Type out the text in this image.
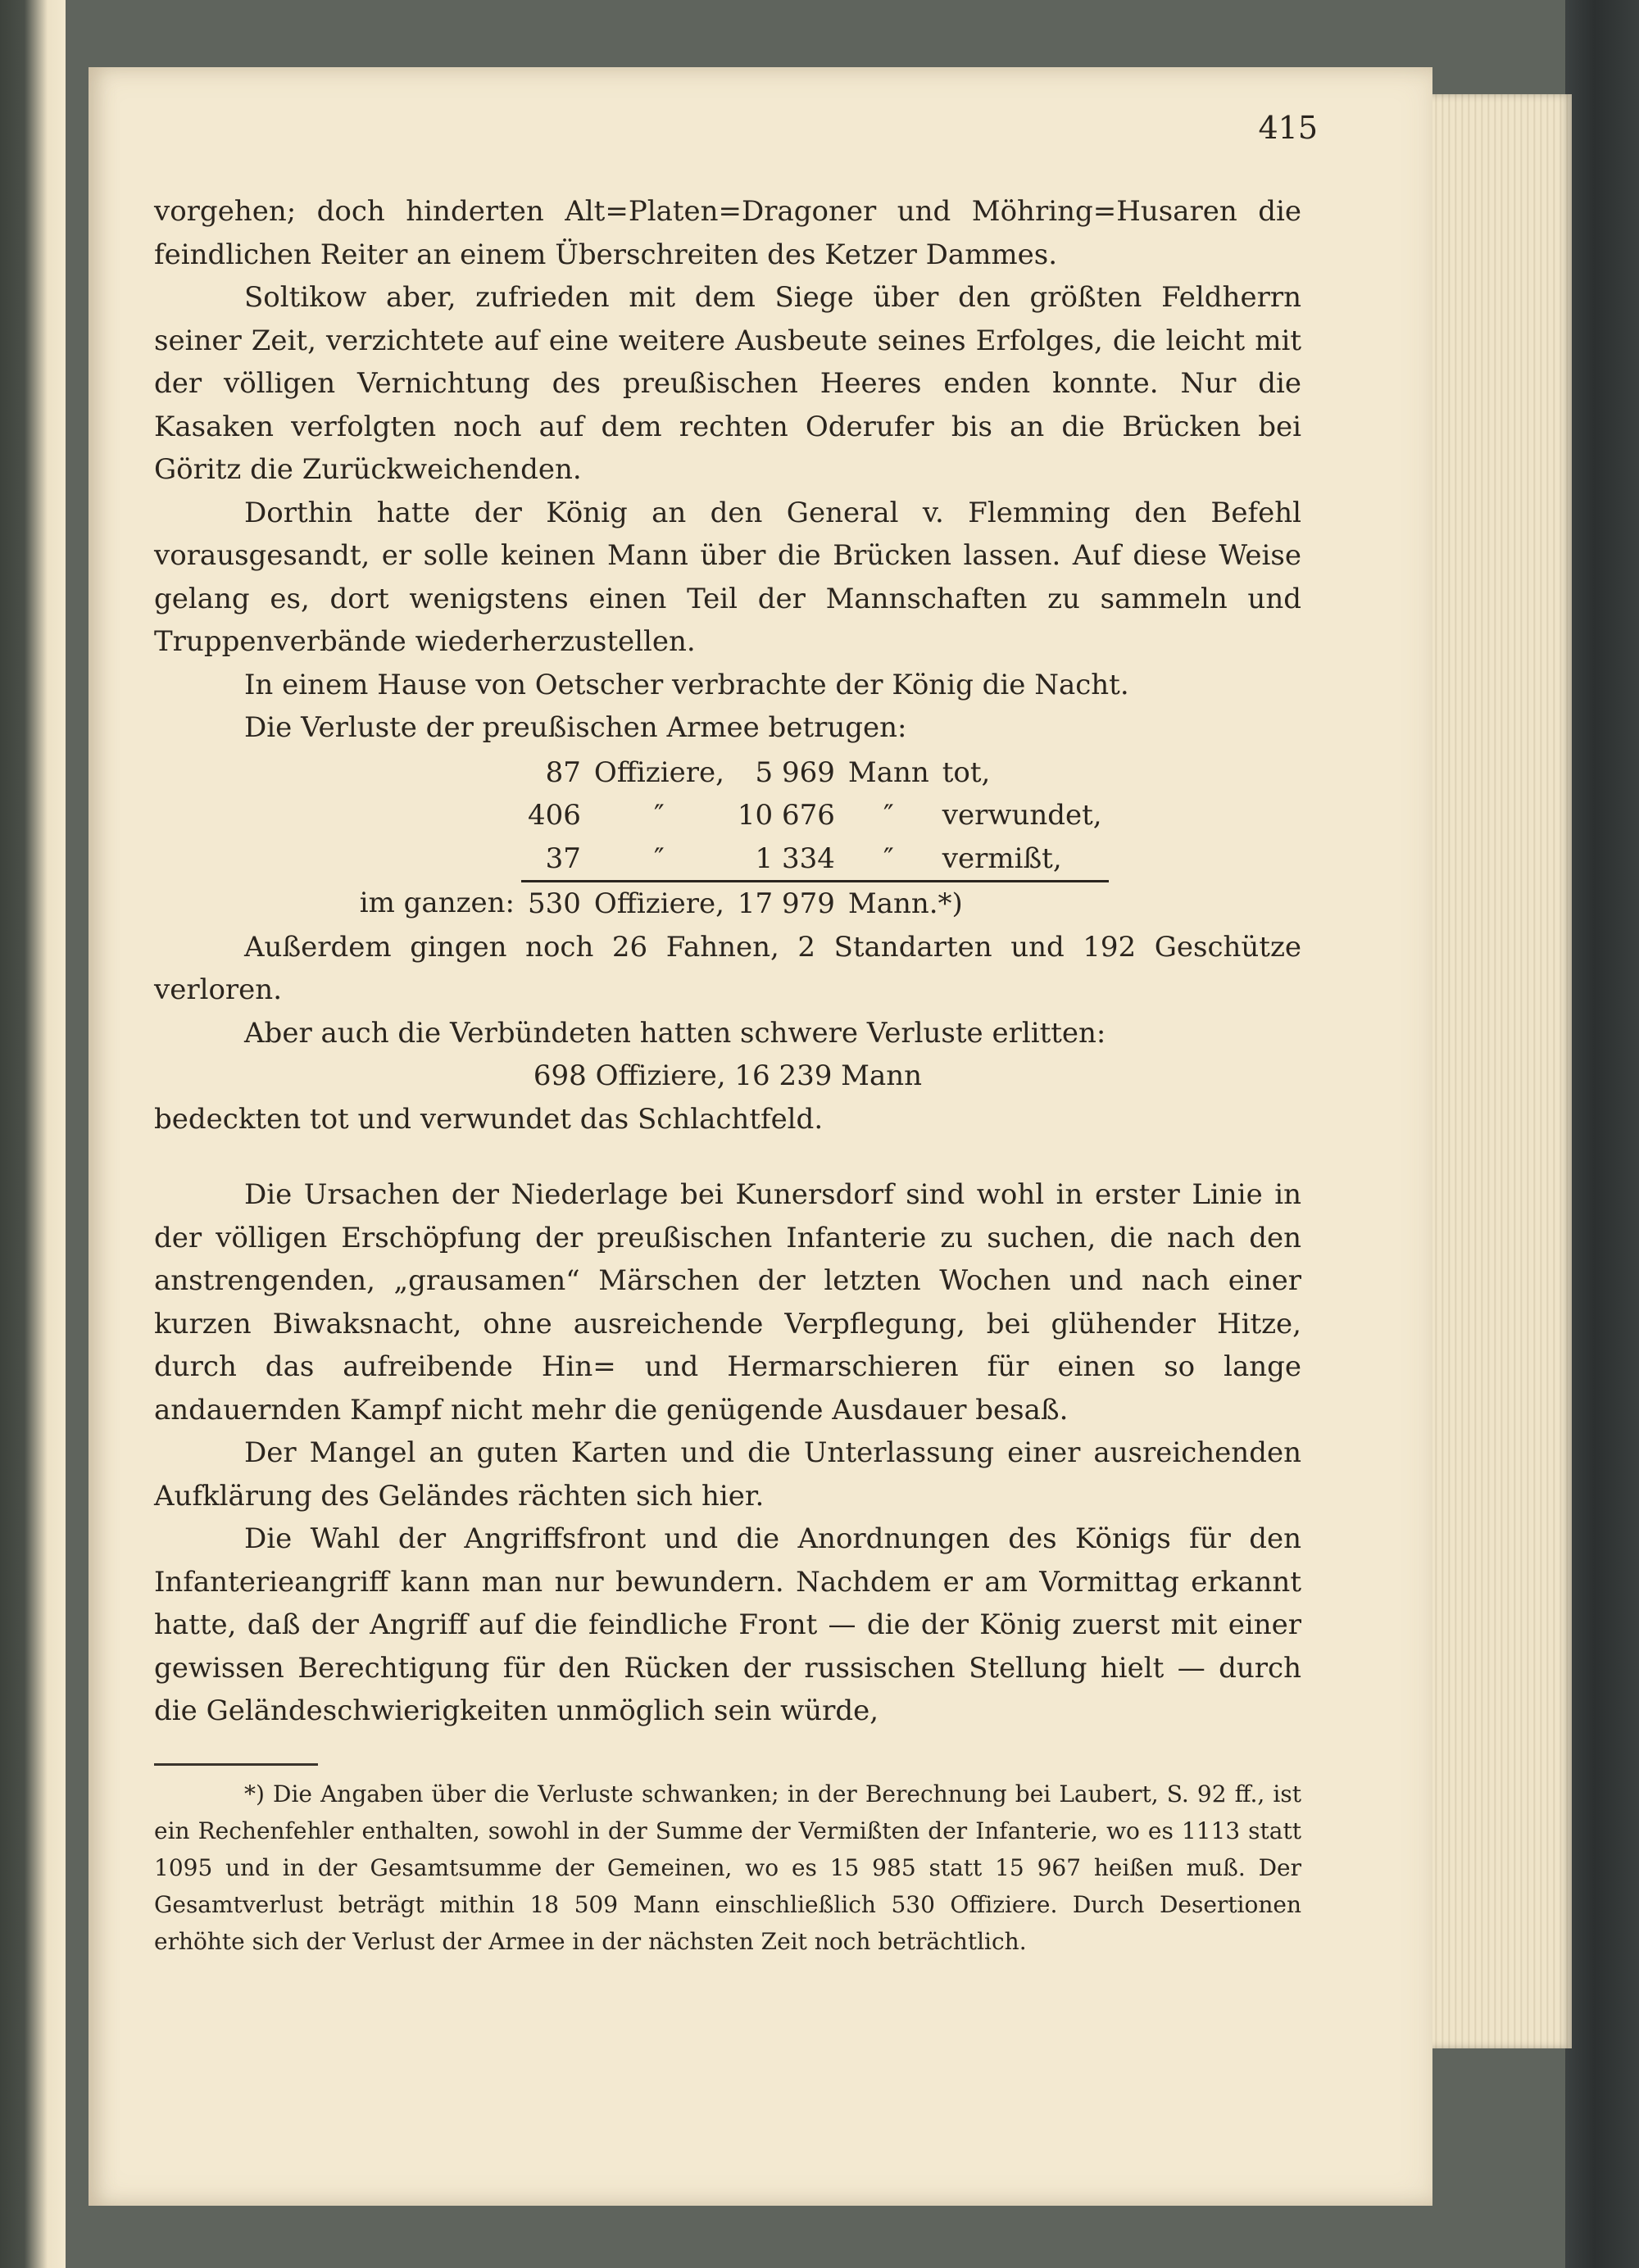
415

vorgehen; doch hinderten Alt=Platen=Dragoner und Möhring=Husaren die feindlichen Reiter an einem Überschreiten des Ketzer Dammes.

Soltikow aber, zufrieden mit dem Siege über den größten Feldherrn seiner Zeit, verzichtete auf eine weitere Ausbeute seines Erfolges, die leicht mit der völligen Vernichtung des preußischen Heeres enden konnte. Nur die Kasaken verfolgten noch auf dem rechten Oderufer bis an die Brücken bei Göritz die Zurückweichenden.

Dorthin hatte der König an den General v. Flemming den Befehl vorausgesandt, er solle keinen Mann über die Brücken lassen. Auf diese Weise gelang es, dort wenigstens einen Teil der Mannschaften zu sammeln und Truppenverbände wiederherzustellen.

In einem Hause von Oetscher verbrachte der König die Nacht.

Die Verluste der preußischen Armee betrugen:

	87	Offiziere,	5 969	Mann	tot,
	406	″	10 676	″	verwundet,
	37	″	1 334	″	vermißt,
im ganzen:	530	Offiziere,	17 979	Mann.*)	

Außerdem gingen noch 26 Fahnen, 2 Standarten und 192 Geschütze verloren.

Aber auch die Verbündeten hatten schwere Verluste erlitten:

698 Offiziere, 16 239 Mann

bedeckten tot und verwundet das Schlachtfeld.

Die Ursachen der Niederlage bei Kunersdorf sind wohl in erster Linie in der völligen Erschöpfung der preußischen Infanterie zu suchen, die nach den anstrengenden, „grausamen“ Märschen der letzten Wochen und nach einer kurzen Biwaksnacht, ohne ausreichende Verpflegung, bei glühender Hitze, durch das aufreibende Hin= und Hermarschieren für einen so lange andauernden Kampf nicht mehr die genügende Ausdauer besaß.

Der Mangel an guten Karten und die Unterlassung einer ausreichenden Aufklärung des Geländes rächten sich hier.

Die Wahl der Angriffsfront und die Anordnungen des Königs für den Infanterieangriff kann man nur bewundern. Nachdem er am Vormittag erkannt hatte, daß der Angriff auf die feindliche Front — die der König zuerst mit einer gewissen Berechtigung für den Rücken der russischen Stellung hielt — durch die Geländeschwierigkeiten unmöglich sein würde,

*) Die Angaben über die Verluste schwanken; in der Berechnung bei Laubert, S. 92 ff., ist ein Rechenfehler enthalten, sowohl in der Summe der Vermißten der Infanterie, wo es 1113 statt 1095 und in der Gesamtsumme der Gemeinen, wo es 15 985 statt 15 967 heißen muß. Der Gesamtverlust beträgt mithin 18 509 Mann einschließlich 530 Offiziere. Durch Desertionen erhöhte sich der Verlust der Armee in der nächsten Zeit noch beträchtlich.
